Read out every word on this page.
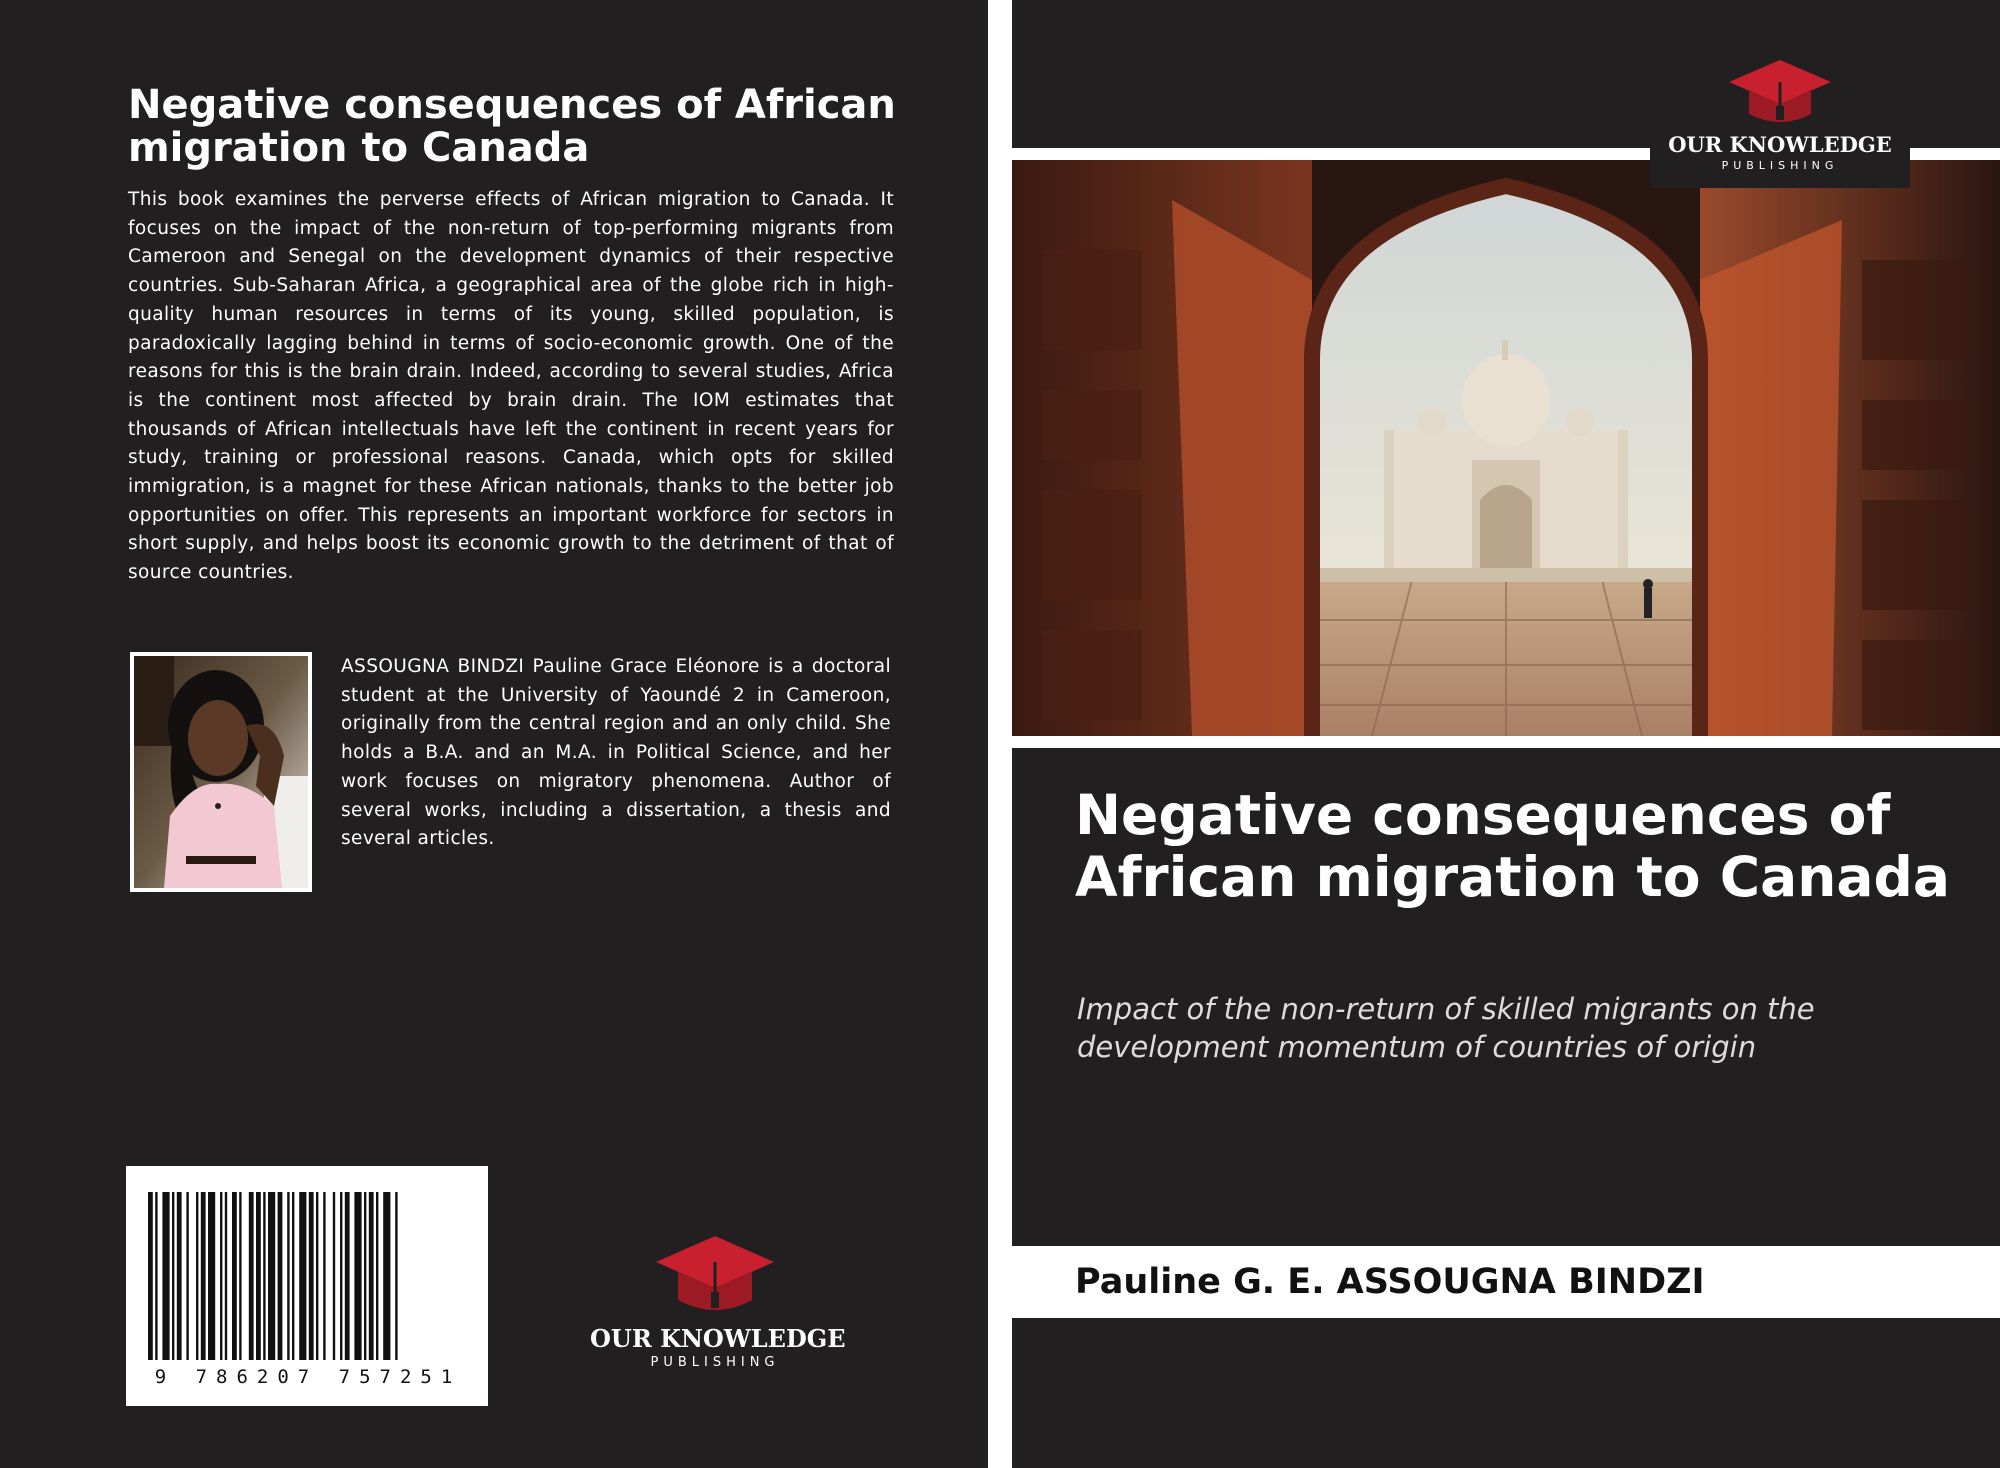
Negative consequences of African migration to Canada

This book examines the perverse effects of African migration to Canada. It focuses on the impact of the non-return of top-performing migrants from Cameroon and Senegal on the development dynamics of their respective countries. Sub-Saharan Africa, a geographical area of the globe rich in high-quality human resources in terms of its young, skilled population, is paradoxically lagging behind in terms of socio-economic growth. One of the reasons for this is the brain drain. Indeed, according to several studies, Africa is the continent most affected by brain drain. The IOM estimates that thousands of African intellectuals have left the continent in recent years for study, training or professional reasons. Canada, which opts for skilled immigration, is a magnet for these African nationals, thanks to the better job opportunities on offer. This represents an important workforce for sectors in short supply, and helps boost its economic growth to the detriment of that of source countries.

ASSOUGNA BINDZI Pauline Grace Eléonore is a doctoral student at the University of Yaoundé 2 in Cameroon, originally from the central region and an only child. She holds a B.A. and an M.A. in Political Science, and her work focuses on migratory phenomena. Author of several works, including a dissertation, a thesis and several articles.

9 786207 757251
OUR KNOWLEDGE
PUBLISHING
OUR KNOWLEDGE
PUBLISHING
Negative consequences of African migration to Canada

Impact of the non-return of skilled migrants on the development momentum of countries of origin

Pauline G. E. ASSOUGNA BINDZI
